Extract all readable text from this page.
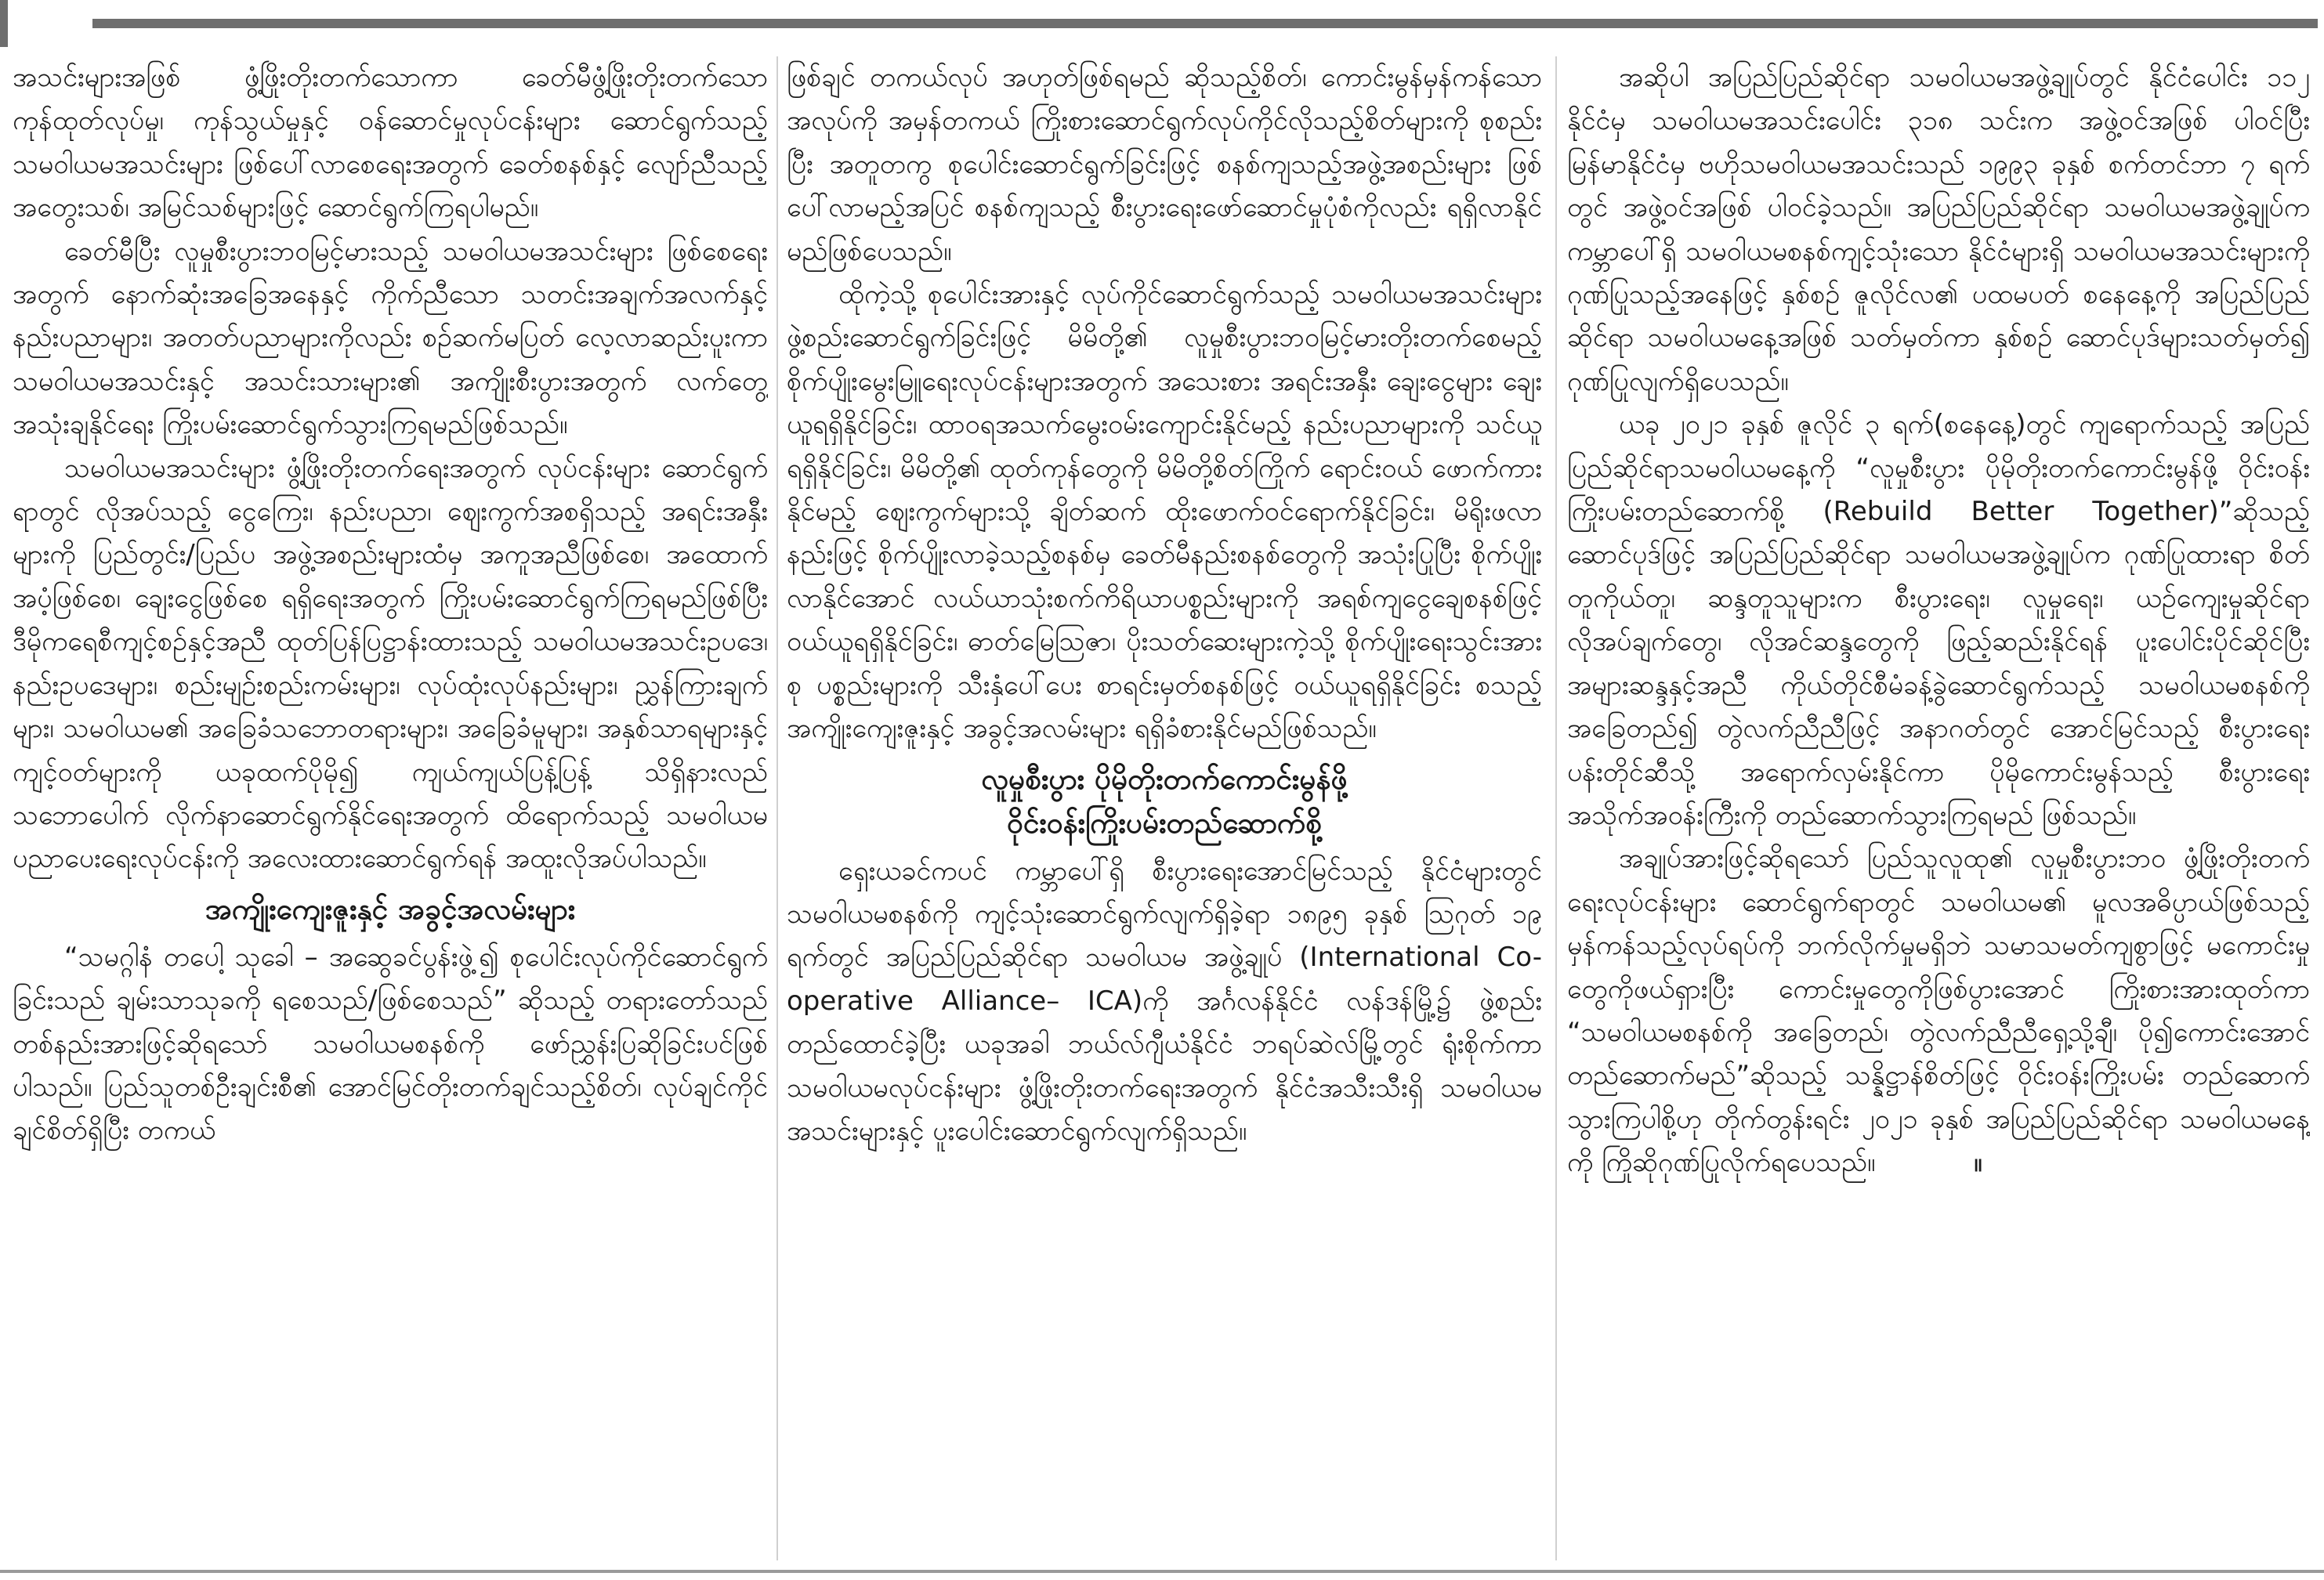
အသင်းများအဖြစ် ဖွံ့ဖြိုးတိုးတက်သောကာ ခေတ်မီဖွံ့ဖြိုးတိုးတက်သော ကုန်ထုတ်လုပ်မှု၊ ကုန်သွယ်မှုနှင့် ဝန်ဆောင်မှုလုပ်ငန်းများ ဆောင်ရွက်သည့် သမဝါယမအသင်းများ ဖြစ်ပေါ်လာစေရေးအတွက် ခေတ်စနစ်နှင့် လျော်ညီသည့် အတွေးသစ်၊ အမြင်သစ်များဖြင့် ဆောင်ရွက်ကြရပါမည်။

ခေတ်မီပြီး လူမှုစီးပွားဘဝမြင့်မားသည့် သမဝါယမအသင်းများ ဖြစ်စေရေးအတွက် နောက်ဆုံးအခြေအနေနှင့် ကိုက်ညီသော သတင်းအချက်အလက်နှင့် နည်းပညာများ၊ အတတ်ပညာများကိုလည်း စဉ်ဆက်မပြတ် လေ့လာဆည်းပူးကာ သမဝါယမအသင်းနှင့် အသင်းသားများ၏ အကျိုးစီးပွားအတွက် လက်တွေ့ အသုံးချနိုင်ရေး ကြိုးပမ်းဆောင်ရွက်သွားကြရမည်ဖြစ်သည်။

သမဝါယမအသင်းများ ဖွံ့ဖြိုးတိုးတက်ရေးအတွက် လုပ်ငန်းများ ဆောင်ရွက်ရာတွင် လိုအပ်သည့် ငွေကြေး၊ နည်းပညာ၊ ဈေးကွက်အစရှိသည့် အရင်းအနှီးများကို ပြည်တွင်း/ပြည်ပ အဖွဲ့အစည်းများထံမှ အကူအညီဖြစ်စေ၊ အထောက်အပံ့ဖြစ်စေ၊ ချေးငွေဖြစ်စေ ရရှိရေးအတွက် ကြိုးပမ်းဆောင်ရွက်ကြရမည်ဖြစ်ပြီး ဒီမိုကရေစီကျင့်စဉ်နှင့်အညီ ထုတ်ပြန်ပြဋ္ဌာန်းထားသည့် သမဝါယမအသင်းဥပဒေ၊ နည်းဥပဒေများ၊ စည်းမျဉ်းစည်းကမ်းများ၊ လုပ်ထုံးလုပ်နည်းများ၊ ညွှန်ကြားချက်များ၊ သမဝါယမ၏ အခြေခံသဘောတရားများ၊ အခြေခံမူများ၊ အနှစ်သာရများနှင့် ကျင့်ဝတ်များကို ယခုထက်ပိုမို၍ ကျယ်ကျယ်ပြန့်ပြန့် သိရှိနားလည် သဘောပေါက် လိုက်နာဆောင်ရွက်နိုင်ရေးအတွက် ထိရောက်သည့် သမဝါယမ ပညာပေးရေးလုပ်ငန်းကို အလေးထားဆောင်ရွက်ရန် အထူးလိုအပ်ပါသည်။

အကျိုးကျေးဇူးနှင့် အခွင့်အလမ်းများ

“သမဂ္ဂါနံ တပေါ့ သုခေါ – အဆွေခင်ပွန်းဖွဲ့၍ စုပေါင်းလုပ်ကိုင်ဆောင်ရွက်ခြင်းသည် ချမ်းသာသုခကို ရစေသည်/ဖြစ်စေသည်” ဆိုသည့် တရားတော်သည် တစ်နည်းအားဖြင့်ဆိုရသော် သမဝါယမစနစ်ကို ဖော်ညွှန်းပြဆိုခြင်းပင်ဖြစ်ပါသည်။ ပြည်သူတစ်ဦးချင်းစီ၏ အောင်မြင်တိုးတက်ချင်သည့်စိတ်၊ လုပ်ချင်ကိုင်ချင်စိတ်ရှိပြီး တကယ်

ဖြစ်ချင် တကယ်လုပ် အဟုတ်ဖြစ်ရမည် ဆိုသည့်စိတ်၊ ကောင်းမွန်မှန်ကန်သောအလုပ်ကို အမှန်တကယ် ကြိုးစားဆောင်ရွက်လုပ်ကိုင်လိုသည့်စိတ်များကို စုစည်းပြီး အတူတကွ စုပေါင်းဆောင်ရွက်ခြင်းဖြင့် စနစ်ကျသည့်အဖွဲ့အစည်းများ ဖြစ်ပေါ်လာမည့်အပြင် စနစ်ကျသည့် စီးပွားရေးဖော်ဆောင်မှုပုံစံကိုလည်း ရရှိလာနိုင်မည်ဖြစ်ပေသည်။

ထိုကဲ့သို့ စုပေါင်းအားနှင့် လုပ်ကိုင်ဆောင်ရွက်သည့် သမဝါယမအသင်းများ ဖွဲ့စည်းဆောင်ရွက်ခြင်းဖြင့် မိမိတို့၏ လူမှုစီးပွားဘဝမြင့်မားတိုးတက်စေမည့် စိုက်ပျိုးမွေးမြူရေးလုပ်ငန်းများအတွက် အသေးစား အရင်းအနှီး ချေးငွေများ ချေးယူရရှိနိုင်ခြင်း၊ ထာဝရအသက်မွေးဝမ်းကျောင်းနိုင်မည့် နည်းပညာများကို သင်ယူရရှိနိုင်ခြင်း၊ မိမိတို့၏ ထုတ်ကုန်တွေကို မိမိတို့စိတ်ကြိုက် ရောင်းဝယ် ဖောက်ကားနိုင်မည့် ဈေးကွက်များသို့ ချိတ်ဆက် ထိုးဖောက်ဝင်ရောက်နိုင်ခြင်း၊ မိရိုးဖလာနည်းဖြင့် စိုက်ပျိုးလာခဲ့သည့်စနစ်မှ ခေတ်မီနည်းစနစ်တွေကို အသုံးပြုပြီး စိုက်ပျိုးလာနိုင်အောင် လယ်ယာသုံးစက်ကိရိယာပစ္စည်းများကို အရစ်ကျငွေချေစနစ်ဖြင့် ဝယ်ယူရရှိနိုင်ခြင်း၊ ဓာတ်မြေဩဇာ၊ ပိုးသတ်ဆေးများကဲ့သို့ စိုက်ပျိုးရေးသွင်းအားစု ပစ္စည်းများကို သီးနှံပေါ်ပေး စာရင်းမှတ်စနစ်ဖြင့် ဝယ်ယူရရှိနိုင်ခြင်း စသည့် အကျိုးကျေးဇူးနှင့် အခွင့်အလမ်းများ ရရှိခံစားနိုင်မည်ဖြစ်သည်။

လူမှုစီးပွား ပိုမိုတိုးတက်ကောင်းမွန်ဖို့
ဝိုင်းဝန်းကြိုးပမ်းတည်ဆောက်စို့

ရှေးယခင်ကပင် ကမ္ဘာပေါ်ရှိ စီးပွားရေးအောင်မြင်သည့် နိုင်ငံများတွင် သမဝါယမစနစ်ကို ကျင့်သုံးဆောင်ရွက်လျက်ရှိခဲ့ရာ ၁၈၉၅ ခုနှစ် ဩဂုတ် ၁၉ ရက်တွင် အပြည်ပြည်ဆိုင်ရာ သမဝါယမ အဖွဲ့ချုပ် (International Co-operative Alliance– ICA)ကို အင်္ဂလန်နိုင်ငံ လန်ဒန်မြို့၌ ဖွဲ့စည်းတည်ထောင်ခဲ့ပြီး ယခုအခါ ဘယ်လ်ဂျီယံနိုင်ငံ ဘရပ်ဆဲလ်မြို့တွင် ရုံးစိုက်ကာ သမဝါယမလုပ်ငန်းများ ဖွံ့ဖြိုးတိုးတက်ရေးအတွက် နိုင်ငံအသီးသီးရှိ သမဝါယမအသင်းများနှင့် ပူးပေါင်းဆောင်ရွက်လျက်ရှိသည်။

အဆိုပါ အပြည်ပြည်ဆိုင်ရာ သမဝါယမအဖွဲ့ချုပ်တွင် နိုင်ငံပေါင်း ၁၁၂ နိုင်ငံမှ သမဝါယမအသင်းပေါင်း ၃၁၈ သင်းက အဖွဲ့ဝင်အဖြစ် ပါဝင်ပြီး မြန်မာနိုင်ငံမှ ဗဟိုသမဝါယမအသင်းသည် ၁၉၉၃ ခုနှစ် စက်တင်ဘာ ၇ ရက်တွင် အဖွဲ့ဝင်အဖြစ် ပါဝင်ခဲ့သည်။ အပြည်ပြည်ဆိုင်ရာ သမဝါယမအဖွဲ့ချုပ်က ကမ္ဘာပေါ်ရှိ သမဝါယမစနစ်ကျင့်သုံးသော နိုင်ငံများရှိ သမဝါယမအသင်းများကို ဂုဏ်ပြုသည့်အနေဖြင့် နှစ်စဉ် ဇူလိုင်လ၏ ပထမပတ် စနေနေ့ကို အပြည်ပြည်ဆိုင်ရာ သမဝါယမနေ့အဖြစ် သတ်မှတ်ကာ နှစ်စဉ် ဆောင်ပုဒ်များသတ်မှတ်၍ ဂုဏ်ပြုလျက်ရှိပေသည်။

ယခု ၂၀၂၁ ခုနှစ် ဇူလိုင် ၃ ရက်(စနေနေ့)တွင် ကျရောက်သည့် အပြည်ပြည်ဆိုင်ရာသမဝါယမနေ့ကို “လူမှုစီးပွား ပိုမိုတိုးတက်ကောင်းမွန်ဖို့ ဝိုင်းဝန်းကြိုးပမ်းတည်ဆောက်စို့ (Rebuild Better Together)”ဆိုသည့် ဆောင်ပုဒ်ဖြင့် အပြည်ပြည်ဆိုင်ရာ သမဝါယမအဖွဲ့ချုပ်က ဂုဏ်ပြုထားရာ စိတ်တူကိုယ်တူ၊ ဆန္ဒတူသူများက စီးပွားရေး၊ လူမှုရေး၊ ယဉ်ကျေးမှုဆိုင်ရာ လိုအပ်ချက်တွေ၊ လိုအင်ဆန္ဒတွေကို ဖြည့်ဆည်းနိုင်ရန် ပူးပေါင်းပိုင်ဆိုင်ပြီး အများဆန္ဒနှင့်အညီ ကိုယ်တိုင်စီမံခန့်ခွဲဆောင်ရွက်သည့် သမဝါယမစနစ်ကို အခြေတည်၍ တွဲလက်ညီညီဖြင့် အနာဂတ်တွင် အောင်မြင်သည့် စီးပွားရေးပန်းတိုင်ဆီသို့ အရောက်လှမ်းနိုင်ကာ ပိုမိုကောင်းမွန်သည့် စီးပွားရေးအသိုက်အဝန်းကြီးကို တည်ဆောက်သွားကြရမည် ဖြစ်သည်။

အချုပ်အားဖြင့်ဆိုရသော် ပြည်သူလူထု၏ လူမှုစီးပွားဘဝ ဖွံ့ဖြိုးတိုးတက်ရေးလုပ်ငန်းများ ဆောင်ရွက်ရာတွင် သမဝါယမ၏ မူလအဓိပ္ပာယ်ဖြစ်သည့် မှန်ကန်သည့်လုပ်ရပ်ကို ဘက်လိုက်မှုမရှိဘဲ သမာသမတ်ကျစွာဖြင့် မကောင်းမှုတွေကိုဖယ်ရှားပြီး ကောင်းမှုတွေကိုဖြစ်ပွားအောင် ကြိုးစားအားထုတ်ကာ “သမဝါယမစနစ်ကို အခြေတည်၊ တွဲလက်ညီညီရှေ့သို့ချီ၊ ပို၍ကောင်းအောင် တည်ဆောက်မည်”ဆိုသည့် သန္နိဋ္ဌာန်စိတ်ဖြင့် ဝိုင်းဝန်းကြိုးပမ်း တည်ဆောက်သွားကြပါစို့ဟု တိုက်တွန်းရင်း ၂၀၂၁ ခုနှစ် အပြည်ပြည်ဆိုင်ရာ သမဝါယမနေ့ကို ကြိုဆိုဂုဏ်ပြုလိုက်ရပေသည်။	။
